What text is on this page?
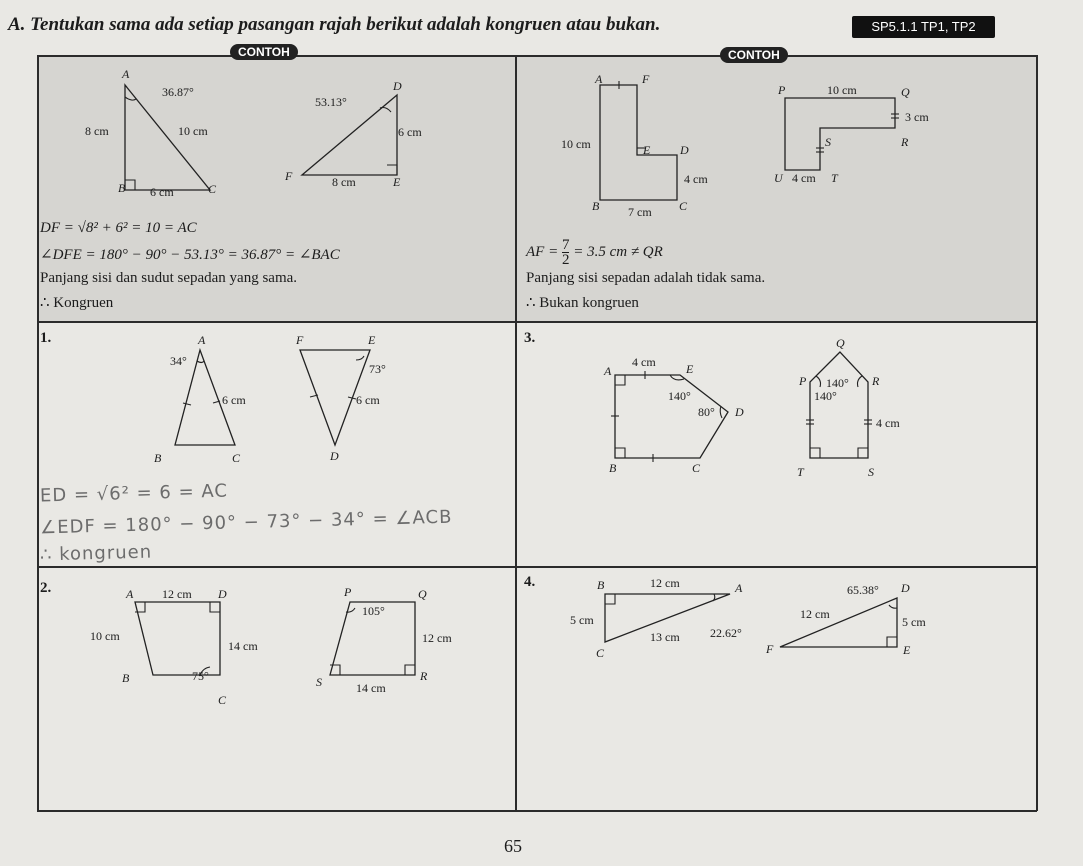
A. Tentukan sama ada setiap pasangan rajah berikut adalah kongruen atau bukan.	SP5.1.1 TP1, TP2
CONTOH	CONTOH
A
B	C
36.87°
8 cm	10 cm
6 cm
D
E
F
53.13°
6 cm
8 cm
DF = √8² + 6² = 10 = AC
∠DFE = 180° − 90° − 53.13° = 36.87° = ∠BAC
Panjang sisi dan sudut sepadan yang sama.
∴ Kongruen
A	F
E D
B	C
10 cm
4 cm
7 cm
P	Q
R
S
U	T
10 cm
3 cm
4 cm
AF = $\frac{7}{2} = 3.5$ cm ≠ QR
Panjang sisi sepadan adalah tidak sama.
∴ Bukan kongruen
1.	A
B	C
34°
6 cm
F	E
D
73°
6 cm
ED = √6² = 6 = AC
∠EDF = 180° − 90° − 73° − 34° = ∠ACB
∴ kongruen
3.
A	E
D
B	C
4 cm
140°
80°
Q
P	R
T	S
140°
140°
4 cm
2.	A	D
B
C
12 cm
10 cm
14 cm
75°
P	Q
S	R
105°
12 cm
14 cm
4.	B	A
C
12 cm
5 cm
13 cm	22.62°
D
E
F
65.38°
12 cm
5 cm
65
